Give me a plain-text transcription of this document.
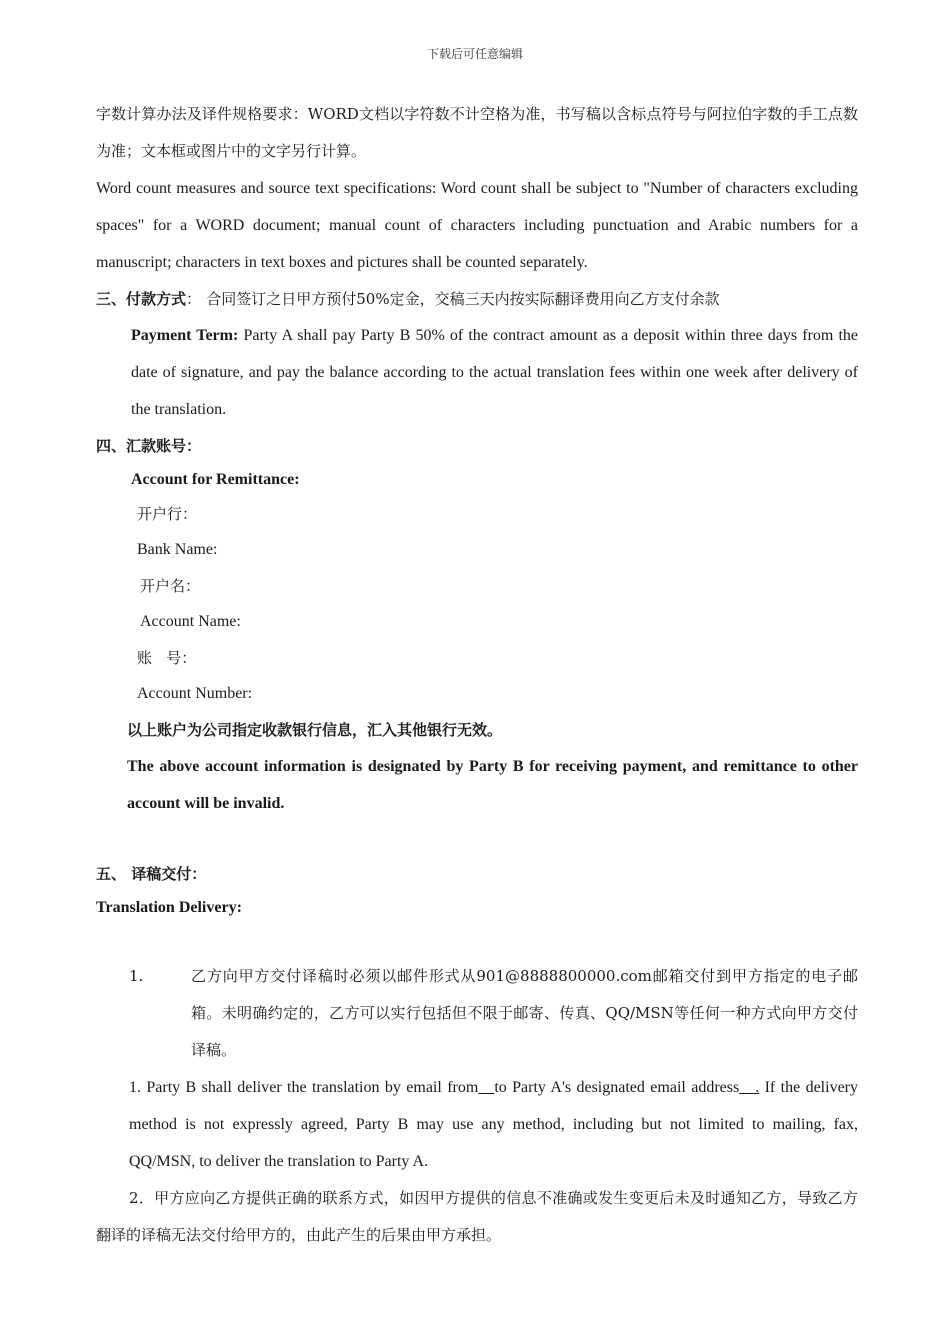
下载后可任意编辑

字数计算办法及译件规格要求：WORD文档以字符数不计空格为准，书写稿以含标点符号与阿拉伯字数的手工点数为准；文本框或图片中的文字另行计算。

Word count measures and source text specifications: Word count shall be subject to "Number of characters excluding spaces" for a WORD document; manual count of characters including punctuation and Arabic numbers for a manuscript; characters in text boxes and pictures shall be counted separately.

三、付款方式： 合同签订之日甲方预付50%定金，交稿三天内按实际翻译费用向乙方支付余款

Payment Term: Party A shall pay Party B 50% of the contract amount as a deposit within three days from the date of signature, and pay the balance according to the actual translation fees within one week after delivery of the translation.

四、汇款账号：

Account for Remittance:

开户行：

Bank Name:

开户名：

Account Name:

账   号：

Account Number:

以上账户为公司指定收款银行信息，汇入其他银行无效。

The above account information is designated by Party B for receiving payment, and remittance to other account will be invalid.

五、 译稿交付：

Translation Delivery:

1.	乙方向甲方交付译稿时必须以邮件形式从901@8888800000.com邮箱交付到甲方指定的电子邮箱。未明确约定的，乙方可以实行包括但不限于邮寄、传真、QQ/MSN等任何一种方式向甲方交付译稿。

1. Party B shall deliver the translation by email from__to Party A's designated email address__. If the delivery method is not expressly agreed, Party B may use any method, including but not limited to mailing, fax, QQ/MSN, to deliver the translation to Party A.

2．甲方应向乙方提供正确的联系方式，如因甲方提供的信息不准确或发生变更后未及时通知乙方，导致乙方翻译的译稿无法交付给甲方的，由此产生的后果由甲方承担。
